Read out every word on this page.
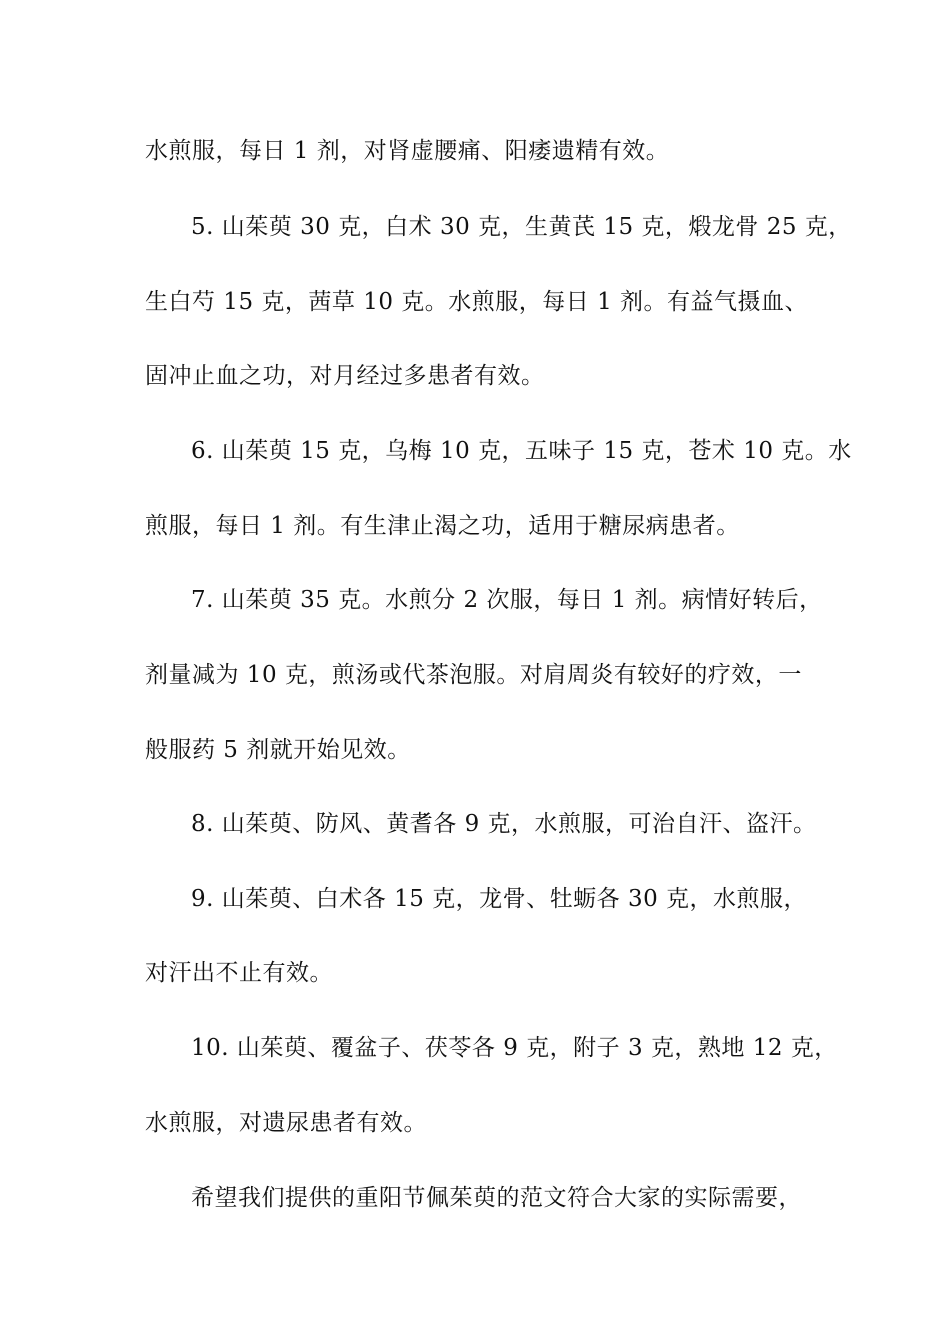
水煎服，每日 1 剂，对肾虚腰痛、阳痿遗精有效。
5. 山茱萸 30 克，白术 30 克，生黄芪 15 克，煅龙骨 25 克，
生白芍 15 克，茜草 10 克。水煎服，每日 1 剂。有益气摄血、
固冲止血之功，对月经过多患者有效。
6. 山茱萸 15 克，乌梅 10 克，五味子 15 克，苍术 10 克。水
煎服，每日 1 剂。有生津止渴之功，适用于糖尿病患者。
7. 山茱萸 35 克。水煎分 2 次服，每日 1 剂。病情好转后，
剂量减为 10 克，煎汤或代茶泡服。对肩周炎有较好的疗效，一
般服药 5 剂就开始见效。
8. 山茱萸、防风、黄耆各 9 克，水煎服，可治自汗、盗汗。
9. 山茱萸、白术各 15 克，龙骨、牡蛎各 30 克，水煎服，
对汗出不止有效。
10. 山茱萸、覆盆子、茯苓各 9 克，附子 3 克，熟地 12 克，
水煎服，对遗尿患者有效。
希望我们提供的重阳节佩茱萸的范文符合大家的实际需要，
